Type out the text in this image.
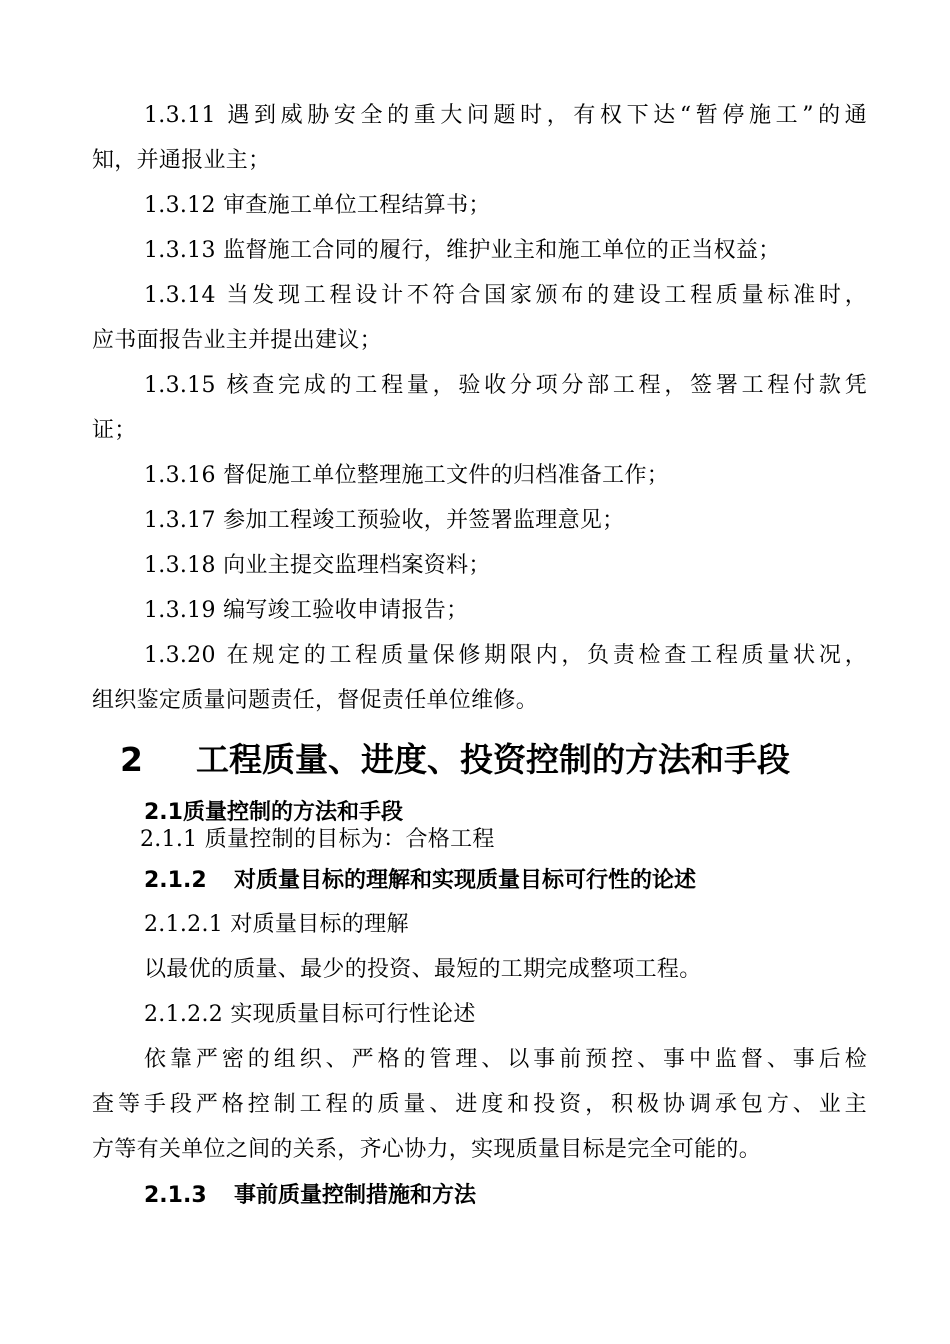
1.3.11 遇到威胁安全的重大问题时，有权下达“暂停施工”的通
知，并通报业主；
1.3.12 审查施工单位工程结算书；
1.3.13 监督施工合同的履行，维护业主和施工单位的正当权益；
1.3.14 当发现工程设计不符合国家颁布的建设工程质量标准时，
应书面报告业主并提出建议；
1.3.15 核查完成的工程量，验收分项分部工程，签署工程付款凭
证；
1.3.16 督促施工单位整理施工文件的归档准备工作；
1.3.17 参加工程竣工预验收，并签署监理意见；
1.3.18 向业主提交监理档案资料；
1.3.19 编写竣工验收申请报告；
1.3.20 在规定的工程质量保修期限内，负责检查工程质量状况，
组织鉴定质量问题责任，督促责任单位维修。
2 工程质量、进度、投资控制的方法和手段
2.1质量控制的方法和手段
2.1.1 质量控制的目标为：合格工程
2.1.2 对质量目标的理解和实现质量目标可行性的论述
2.1.2.1 对质量目标的理解
以最优的质量、最少的投资、最短的工期完成整项工程。
2.1.2.2 实现质量目标可行性论述
依靠严密的组织、严格的管理、以事前预控、事中监督、事后检
查等手段严格控制工程的质量、进度和投资，积极协调承包方、业主
方等有关单位之间的关系，齐心协力，实现质量目标是完全可能的。
2.1.3 事前质量控制措施和方法
